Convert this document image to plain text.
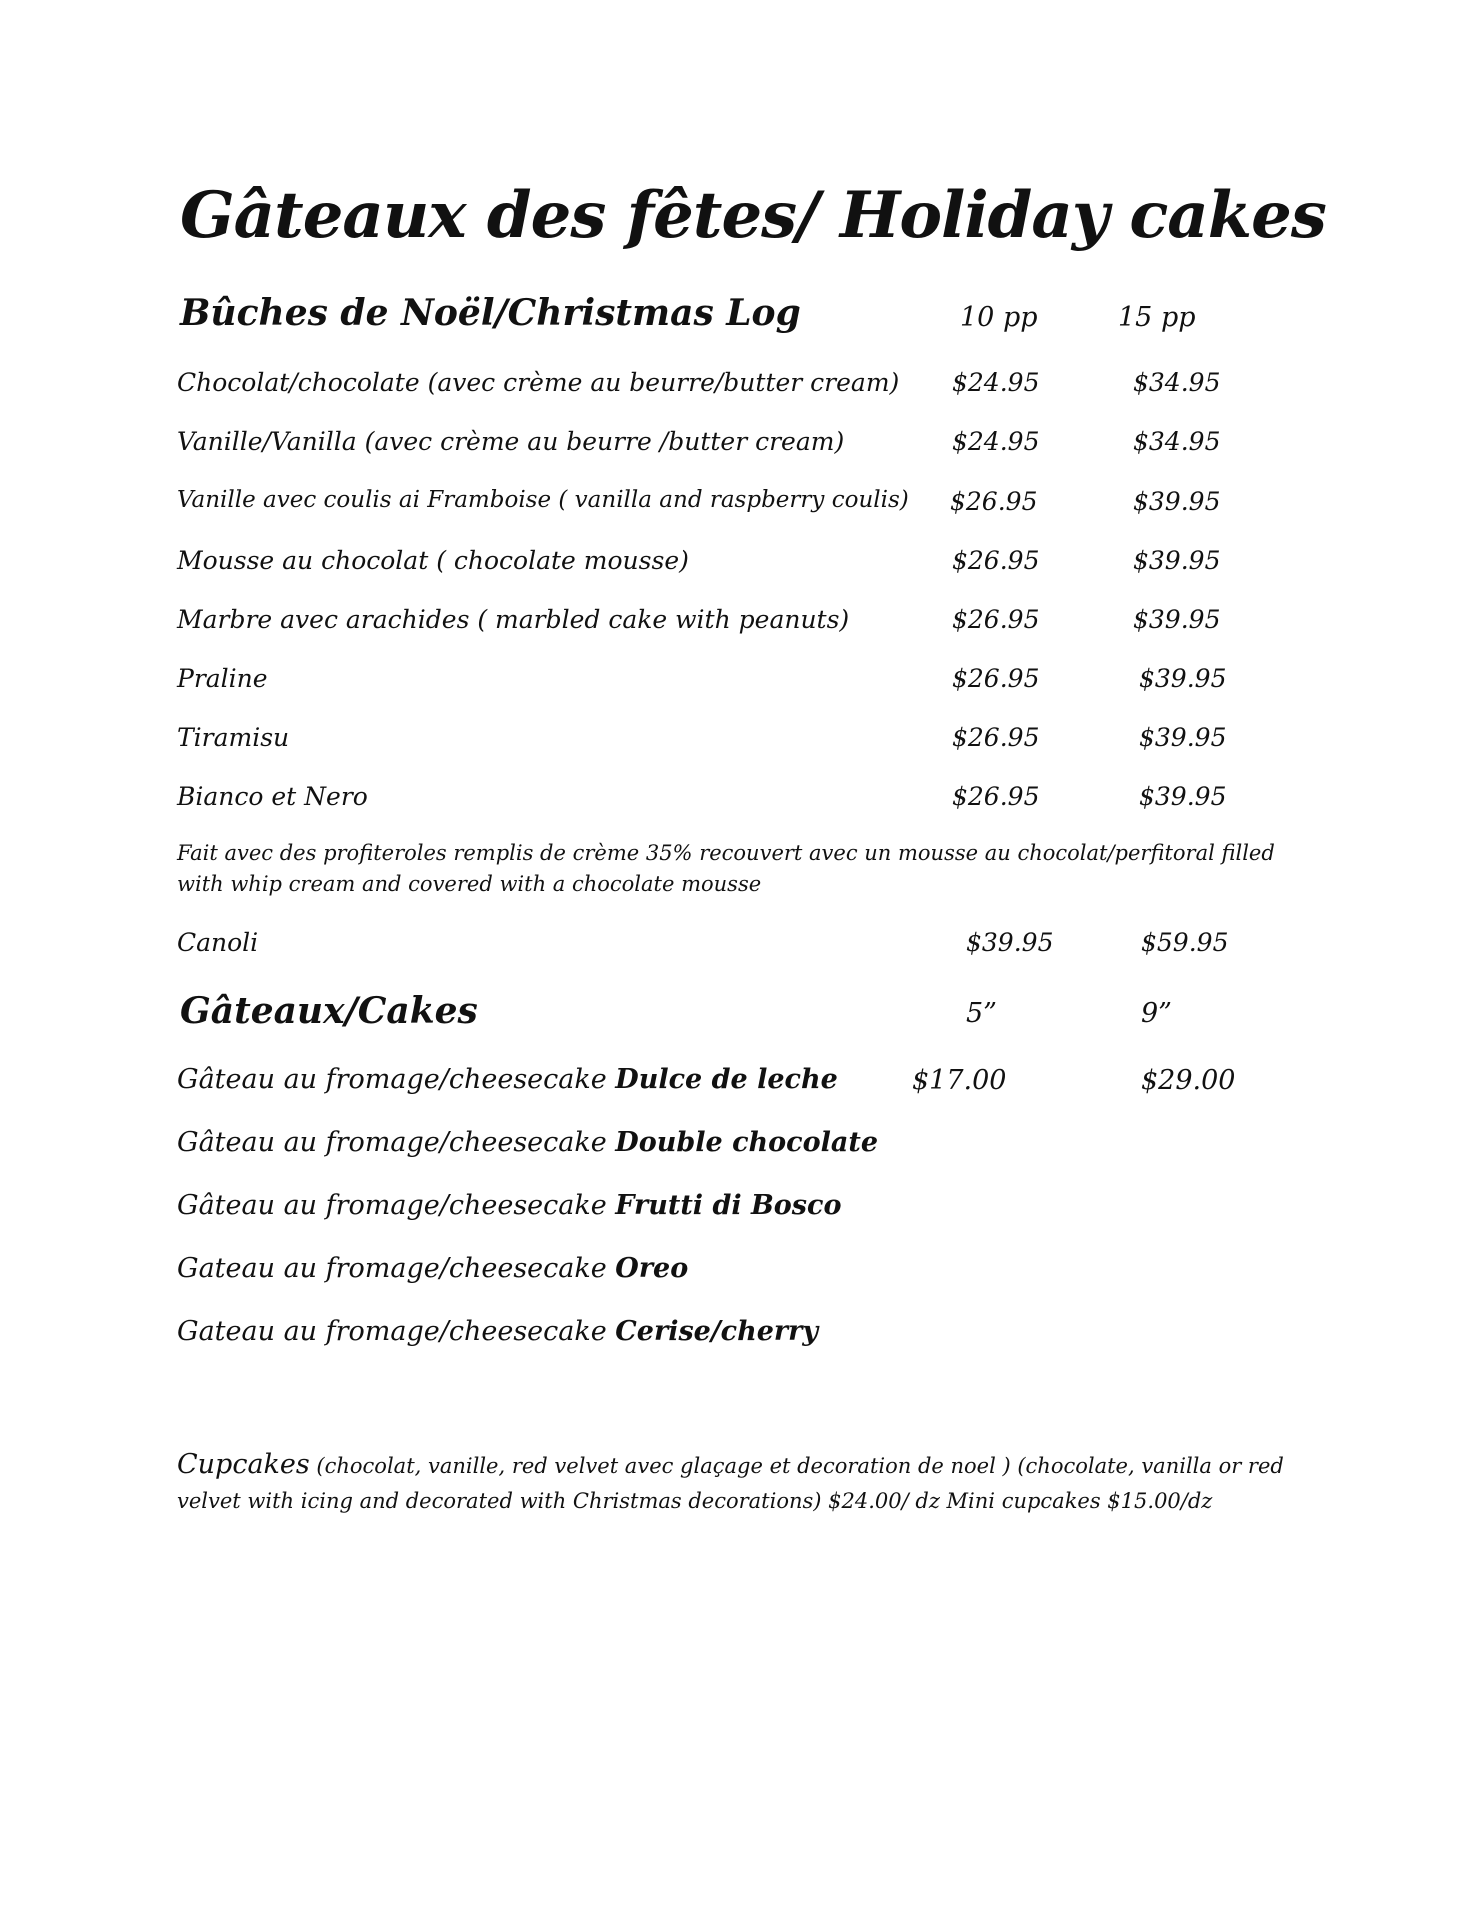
Gâteaux des fêtes/ Holiday cakes
Bûches de Noël/Christmas Log	10 pp	15 pp
Chocolat/chocolate (avec crème au beurre/butter cream) $24.95	$34.95
Vanille/Vanilla (avec crème au beurre /butter cream)	$24.95	$34.95
Vanille avec coulis ai Framboise ( vanilla and raspberry coulis) $26.95	$39.95
Mousse au chocolat ( chocolate mousse)	$26.95	$39.95
Marbre avec arachides ( marbled cake with peanuts)	$26.95	$39.95
Praline	$26.95	$39.95
Tiramisu	$26.95	$39.95
Bianco et Nero	$26.95	$39.95
Fait avec des profiteroles remplis de crème 35% recouvert avec un mousse au chocolat/perfitoral filled with whip cream and covered with a chocolate mousse
Canoli	$39.95	$59.95
Gâteaux/Cakes	5”	9”
Gâteau au fromage/cheesecake Dulce de leche	$17.00	$29.00
Gâteau au fromage/cheesecake Double chocolate
Gâteau au fromage/cheesecake Frutti di Bosco
Gateau au fromage/cheesecake Oreo
Gateau au fromage/cheesecake Cerise/cherry
Cupcakes (chocolat, vanille, red velvet avec glaçage et decoration de noel ) (chocolate, vanilla or red velvet with icing and decorated with Christmas decorations) $24.00/ dz Mini cupcakes $15.00/dz
